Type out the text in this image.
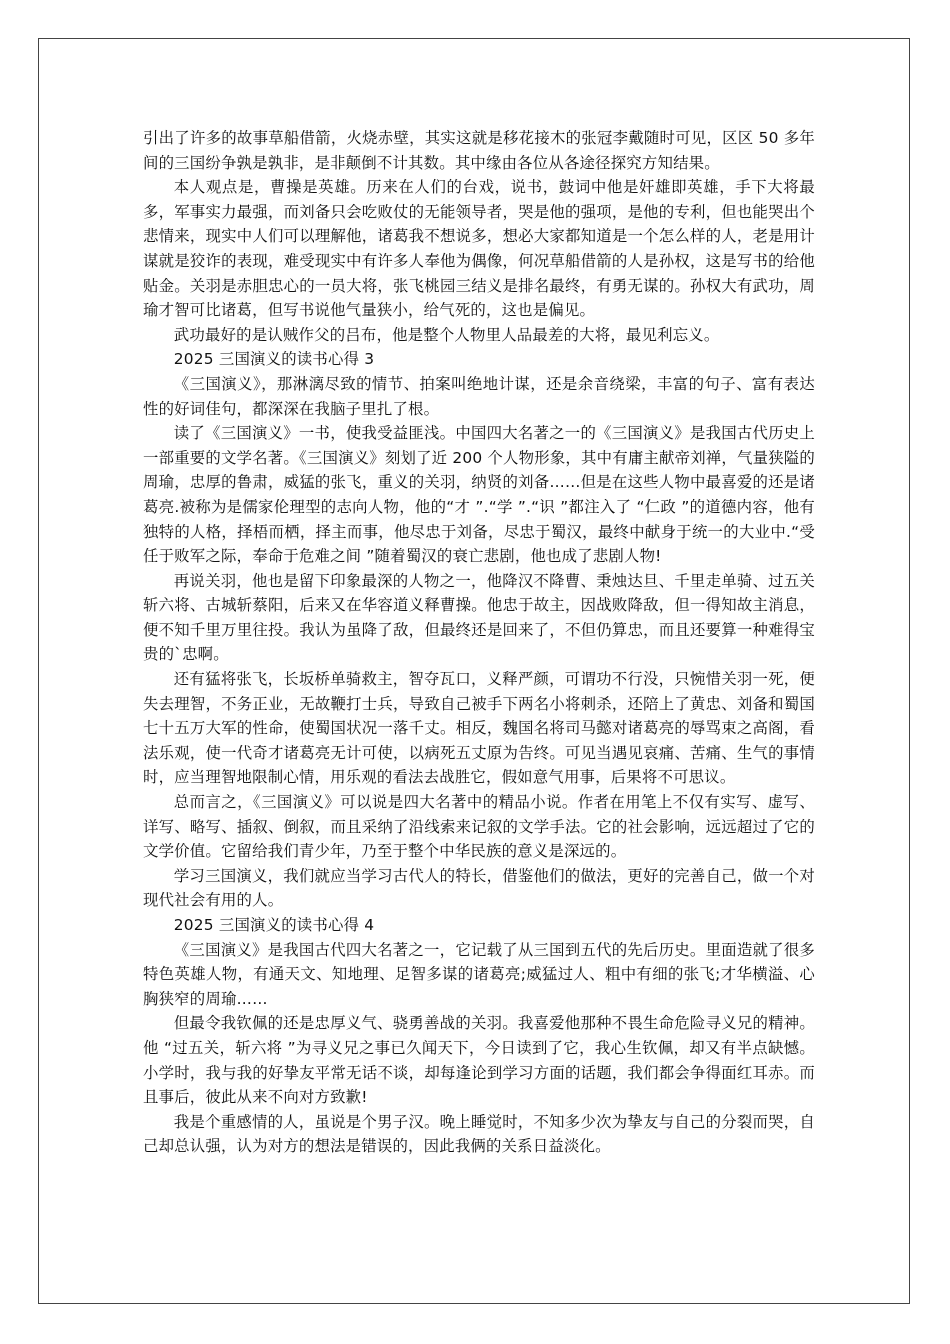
引出了许多的故事草船借箭，火烧赤壁，其实这就是移花接木的张冠李戴随时可见，区区 50 多年间的三国纷争孰是孰非，是非颠倒不计其数。其中缘由各位从各途径探究方知结果。

本人观点是，曹操是英雄。历来在人们的台戏，说书，鼓词中他是奸雄即英雄，手下大将最多，军事实力最强，而刘备只会吃败仗的无能领导者，哭是他的强项，是他的专利，但也能哭出个悲情来，现实中人们可以理解他，诸葛我不想说多，想必大家都知道是一个怎么样的人，老是用计谋就是狡诈的表现，难受现实中有许多人奉他为偶像，何况草船借箭的人是孙权，这是写书的给他贴金。关羽是赤胆忠心的一员大将，张飞桃园三结义是排名最终，有勇无谋的。孙权大有武功，周瑜才智可比诸葛，但写书说他气量狭小，给气死的，这也是偏见。

武功最好的是认贼作父的吕布，他是整个人物里人品最差的大将，最见利忘义。

2025 三国演义的读书心得 3

《三国演义》，那淋漓尽致的情节、拍案叫绝地计谋，还是余音绕梁，丰富的句子、富有表达性的好词佳句，都深深在我脑子里扎了根。

读了《三国演义》一书，使我受益匪浅。中国四大名著之一的《三国演义》是我国古代历史上一部重要的文学名著。《三国演义》刻划了近 200 个人物形象，其中有庸主献帝刘禅，气量狭隘的周瑜，忠厚的鲁肃，威猛的张飞，重义的关羽，纳贤的刘备……但是在这些人物中最喜爱的还是诸葛亮.被称为是儒家伦理型的志向人物，他的“才 ”.“学 ”.“识 ”都注入了 “仁政 ”的道德内容，他有独特的人格，择梧而栖，择主而事，他尽忠于刘备，尽忠于蜀汉，最终中献身于统一的大业中.“受任于败军之际，奉命于危难之间 ”随着蜀汉的衰亡悲剧，他也成了悲剧人物!

再说关羽，他也是留下印象最深的人物之一，他降汉不降曹、秉烛达旦、千里走单骑、过五关斩六将、古城斩蔡阳，后来又在华容道义释曹操。他忠于故主，因战败降敌，但一得知故主消息，便不知千里万里往投。我认为虽降了敌，但最终还是回来了，不但仍算忠，而且还要算一种难得宝贵的`忠啊。

还有猛将张飞，长坂桥单骑救主，智夺瓦口，义释严颜，可谓功不行没，只惋惜关羽一死，便失去理智，不务正业，无故鞭打士兵，导致自己被手下两名小将刺杀，还陪上了黄忠、刘备和蜀国七十五万大军的性命，使蜀国状况一落千丈。相反，魏国名将司马懿对诸葛亮的辱骂束之高阁，看法乐观，使一代奇才诸葛亮无计可使，以病死五丈原为告终。可见当遇见哀痛、苦痛、生气的事情时，应当理智地限制心情，用乐观的看法去战胜它，假如意气用事，后果将不可思议。

总而言之，《三国演义》可以说是四大名著中的精品小说。作者在用笔上不仅有实写、虚写、详写、略写、插叙、倒叙，而且采纳了沿线索来记叙的文学手法。它的社会影响，远远超过了它的文学价值。它留给我们青少年，乃至于整个中华民族的意义是深远的。

学习三国演义，我们就应当学习古代人的特长，借鉴他们的做法，更好的完善自己，做一个对现代社会有用的人。

2025 三国演义的读书心得 4

《三国演义》是我国古代四大名著之一，它记载了从三国到五代的先后历史。里面造就了很多特色英雄人物，有通天文、知地理、足智多谋的诸葛亮;威猛过人、粗中有细的张飞;才华横溢、心胸狭窄的周瑜……

但最令我钦佩的还是忠厚义气、骁勇善战的关羽。我喜爱他那种不畏生命危险寻义兄的精神。他 “过五关，斩六将 ”为寻义兄之事已久闻天下，今日读到了它，我心生钦佩，却又有半点缺憾。小学时，我与我的好挚友平常无话不谈，却每逢论到学习方面的话题，我们都会争得面红耳赤。而且事后，彼此从来不向对方致歉!

我是个重感情的人，虽说是个男子汉。晚上睡觉时，不知多少次为挚友与自己的分裂而哭，自己却总认强，认为对方的想法是错误的，因此我俩的关系日益淡化。
